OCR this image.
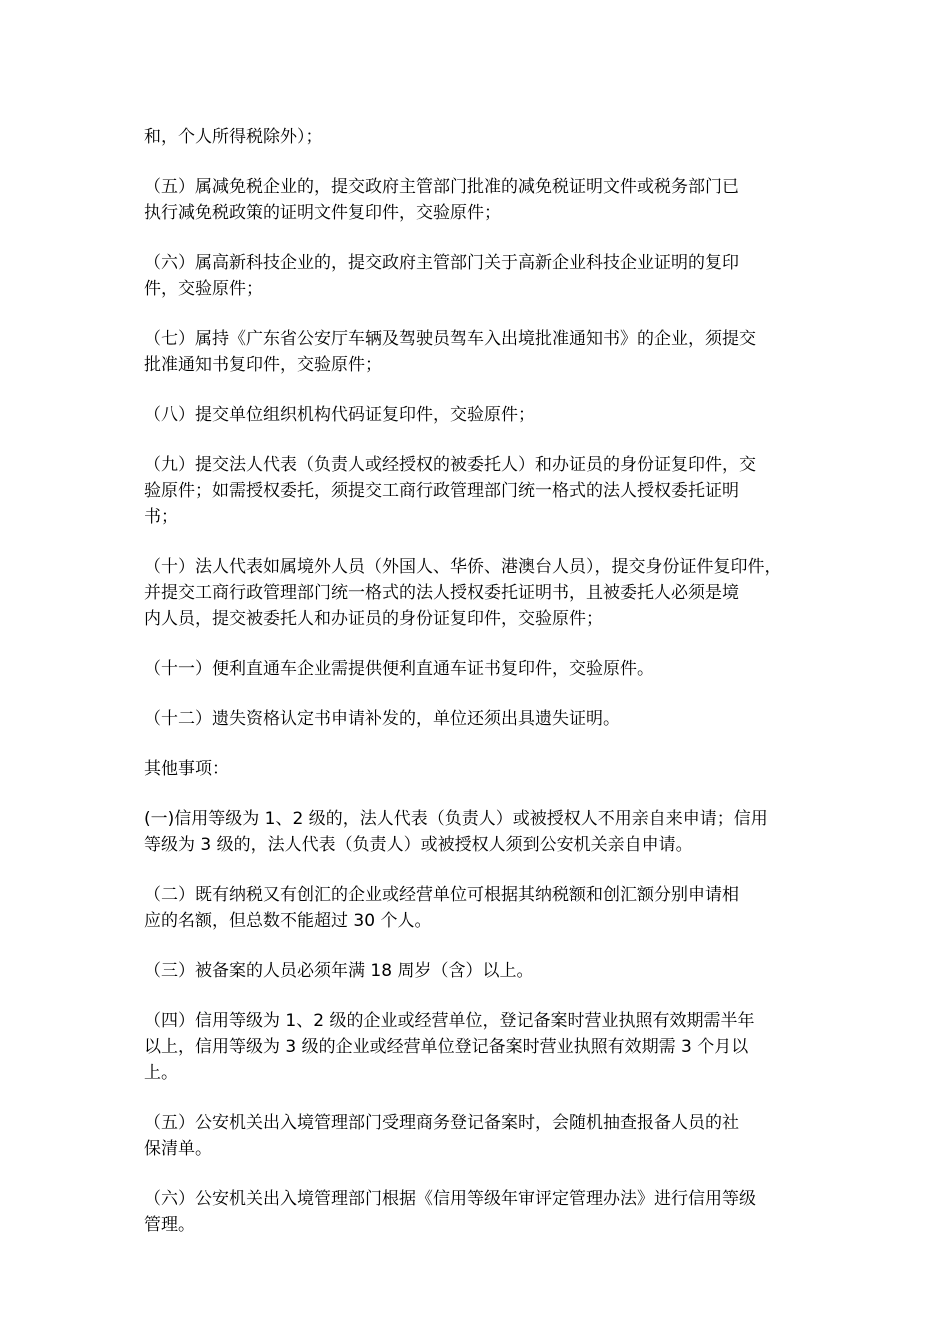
和，个人所得税除外）；

（五）属减免税企业的，提交政府主管部门批准的减免税证明文件或税务部门已
执行减免税政策的证明文件复印件，交验原件；

（六）属高新科技企业的，提交政府主管部门关于高新企业科技企业证明的复印
件，交验原件；

（七）属持《广东省公安厅车辆及驾驶员驾车入出境批准通知书》的企业，须提交
批准通知书复印件，交验原件；

（八）提交单位组织机构代码证复印件，交验原件；

（九）提交法人代表（负责人或经授权的被委托人）和办证员的身份证复印件，交
验原件；如需授权委托，须提交工商行政管理部门统一格式的法人授权委托证明
书；

（十）法人代表如属境外人员（外国人、华侨、港澳台人员），提交身份证件复印件，
并提交工商行政管理部门统一格式的法人授权委托证明书，且被委托人必须是境
内人员，提交被委托人和办证员的身份证复印件，交验原件；

（十一）便利直通车企业需提供便利直通车证书复印件，交验原件。

（十二）遗失资格认定书申请补发的，单位还须出具遗失证明。

其他事项：

(一)信用等级为 1、2 级的，法人代表（负责人）或被授权人不用亲自来申请；信用
等级为 3 级的，法人代表（负责人）或被授权人须到公安机关亲自申请。

（二）既有纳税又有创汇的企业或经营单位可根据其纳税额和创汇额分别申请相
应的名额，但总数不能超过 30 个人。

（三）被备案的人员必须年满 18 周岁（含）以上。

（四）信用等级为 1、2 级的企业或经营单位，登记备案时营业执照有效期需半年
以上，信用等级为 3 级的企业或经营单位登记备案时营业执照有效期需 3 个月以
上。

（五）公安机关出入境管理部门受理商务登记备案时，会随机抽查报备人员的社
保清单。

（六）公安机关出入境管理部门根据《信用等级年审评定管理办法》进行信用等级
管理。
